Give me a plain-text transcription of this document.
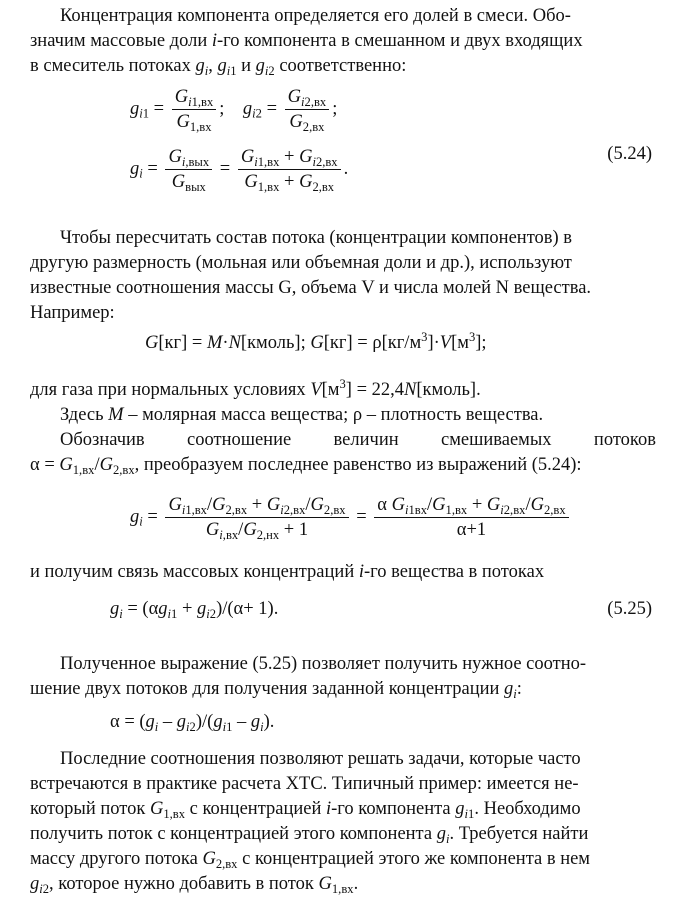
Концентрация компонента определяется его долей в смеси. Обо-
значим массовые доли i-го компонента в смешанном и двух входящих
в смеситель потоках $g_i$, $g_{i1}$ и $g_{i2}$ соответственно:
$g_{i1} = \frac{G_{i1,вх}}{G_{1,вх}}$ ;    $g_{i2} = \frac{G_{i2,вх}}{G_{2,вх}}$ ;
$g_i = \frac{G_{i,вых}}{G_{вых}} = \frac{G_{i1,вх} + G_{i2,вх}}{G_{1,вх} + G_{2,вх}}$ .
(5.24)
Чтобы пересчитать состав потока (концентрации компонентов) в
другую размерность (мольная или объемная доли и др.), используют
известные соотношения массы G, объема V и числа молей N вещества.
Например:
G[кг] = M·N[кмоль]; $G[кг] = \rho[кг/м^3]\cdot V[м^3]$;
для газа при нормальных условиях $V[м^3]$ = 22,4N[кмоль].
Здесь M – молярная масса вещества; ρ – плотность вещества.
Обозначив соотношение величин смешиваемых потоков
$\alpha = G_{1,вх}/G_{2,вх}$, преобразуем последнее равенство из выражений (5.24):
$g_i = \frac{G_{i1,вх}/G_{2,вх} + G_{i2,вх}/G_{2,вх}}{G_{i,вх}/G_{2,нх} + 1} = \frac{\alpha G_{i1вх}/G_{1,вх} + G_{i2,вх}/G_{2,вх}}{\alpha+1}$
и получим связь массовых концентраций i-го вещества в потоках
$g_i = (\alpha g_{i1} + g_{i2})/(\alpha+ 1)$.	(5.25)
Полученное выражение (5.25) позволяет получить нужное соотно-
шение двух потоков для получения заданной концентрации $g_i$:
$\alpha = (g_i - g_{i2})/(g_{i1} - g_i)$.
Последние соотношения позволяют решать задачи, которые часто
встречаются в практике расчета ХТС. Типичный пример: имеется не-
который поток $G_{1,вх}$ с концентрацией i-го компонента $g_{i1}$. Необходимо
получить поток с концентрацией этого компонента $g_i$. Требуется найти
массу другого потока $G_{2,вх}$ с концентрацией этого же компонента в нем
$g_{i2}$, которое нужно добавить в поток $G_{1,вх}$.
